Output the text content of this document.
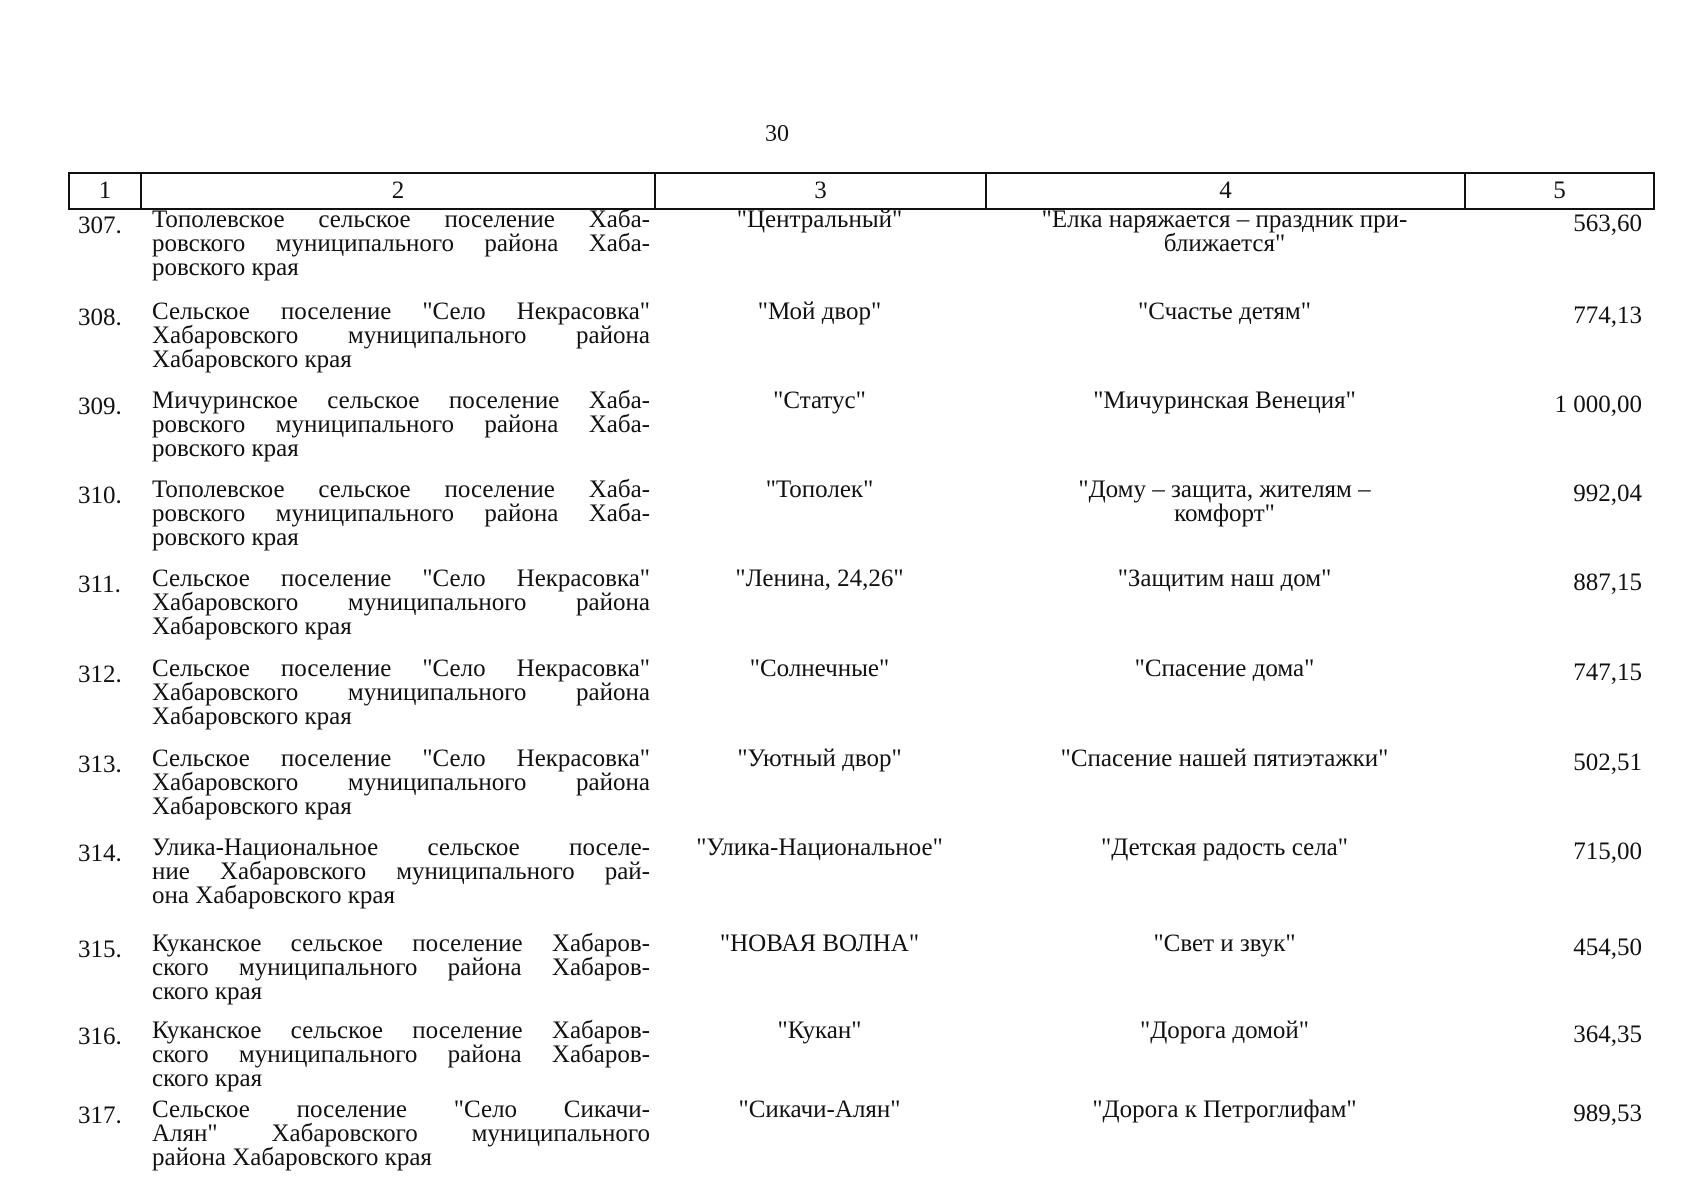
30
1	2	3	4	5
307.	Тополевское сельское поселение Хаба-
ровского муниципального района Хаба-
ровского края
"Центральный"	"Елка наряжается – праздник при-
ближается"
563,60
308.	Сельское поселение "Село Некрасовка"
Хабаровского муниципального района
Хабаровского края
"Мой двор"	"Счастье детям"	774,13
309.	Мичуринское сельское поселение Хаба-
ровского муниципального района Хаба-
ровского края
"Статус"	"Мичуринская Венеция"	1 000,00
310.	Тополевское сельское поселение Хаба-
ровского муниципального района Хаба-
ровского края
"Тополек"	"Дому – защита, жителям –
комфорт"
992,04
311.	Сельское поселение "Село Некрасовка"
Хабаровского муниципального района
Хабаровского края
"Ленина, 24,26"	"Защитим наш дом"	887,15
312.	Сельское поселение "Село Некрасовка"
Хабаровского муниципального района
Хабаровского края
"Солнечные"	"Спасение дома"	747,15
313.	Сельское поселение "Село Некрасовка"
Хабаровского муниципального района
Хабаровского края
"Уютный двор"	"Спасение нашей пятиэтажки"	502,51
314.	Улика-Национальное сельское поселе-
ние Хабаровского муниципального рай-
она Хабаровского края
"Улика-Национальное"	"Детская радость села"	715,00
315.	Куканское сельское поселение Хабаров-
ского муниципального района Хабаров-
ского края
"НОВАЯ ВОЛНА"	"Свет и звук"	454,50
316.	Куканское сельское поселение Хабаров-
ского муниципального района Хабаров-
ского края
"Кукан"	"Дорога домой"	364,35
317.	Сельское поселение "Село Сикачи-
Алян" Хабаровского муниципального
района Хабаровского края
"Сикачи-Алян"	"Дорога к Петроглифам"	989,53
